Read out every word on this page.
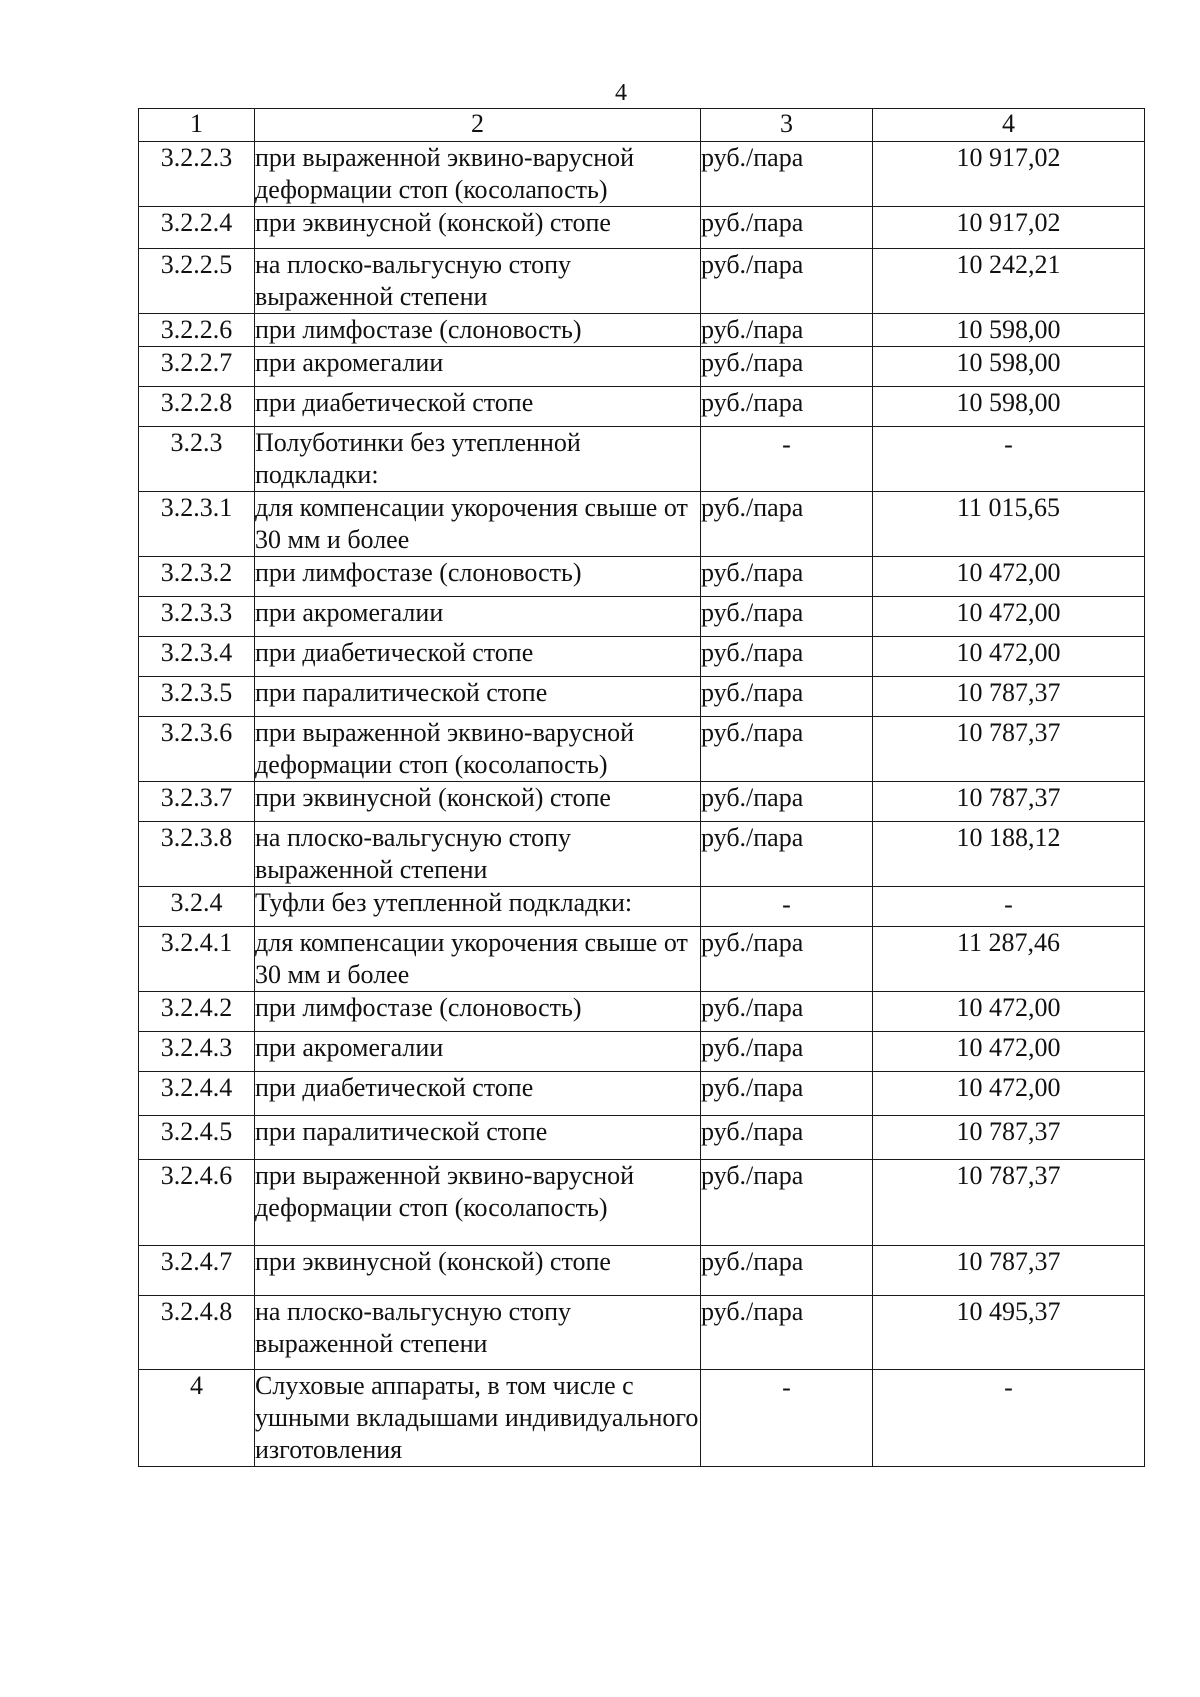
4
1	2	3	4
3.2.2.3	при выраженной эквино-варусной деформации стоп (косолапость)	руб./пара	10 917,02
3.2.2.4	при эквинусной (конской) стопе	руб./пара	10 917,02
3.2.2.5	на плоско-вальгусную стопу выраженной степени	руб./пара	10 242,21
3.2.2.6	при лимфостазе (слоновость)	руб./пара	10 598,00
3.2.2.7	при акромегалии	руб./пара	10 598,00
3.2.2.8	при диабетической стопе	руб./пара	10 598,00
3.2.3	Полуботинки без утепленной подкладки:	-	-
3.2.3.1	для компенсации укорочения свыше от 30 мм и более	руб./пара	11 015,65
3.2.3.2	при лимфостазе (слоновость)	руб./пара	10 472,00
3.2.3.3	при акромегалии	руб./пара	10 472,00
3.2.3.4	при диабетической стопе	руб./пара	10 472,00
3.2.3.5	при паралитической стопе	руб./пара	10 787,37
3.2.3.6	при выраженной эквино-варусной деформации стоп (косолапость)	руб./пара	10 787,37
3.2.3.7	при эквинусной (конской) стопе	руб./пара	10 787,37
3.2.3.8	на плоско-вальгусную стопу выраженной степени	руб./пара	10 188,12
3.2.4	Туфли без утепленной подкладки:	-	-
3.2.4.1	для компенсации укорочения свыше от 30 мм и более	руб./пара	11 287,46
3.2.4.2	при лимфостазе (слоновость)	руб./пара	10 472,00
3.2.4.3	при акромегалии	руб./пара	10 472,00
3.2.4.4	при диабетической стопе	руб./пара	10 472,00
3.2.4.5	при паралитической стопе	руб./пара	10 787,37
3.2.4.6	при выраженной эквино-варусной деформации стоп (косолапость)	руб./пара	10 787,37
3.2.4.7	при эквинусной (конской) стопе	руб./пара	10 787,37
3.2.4.8	на плоско-вальгусную стопу выраженной степени	руб./пара	10 495,37
4	Слуховые аппараты, в том числе с ушными вкладышами индивидуального изготовления	-	-
